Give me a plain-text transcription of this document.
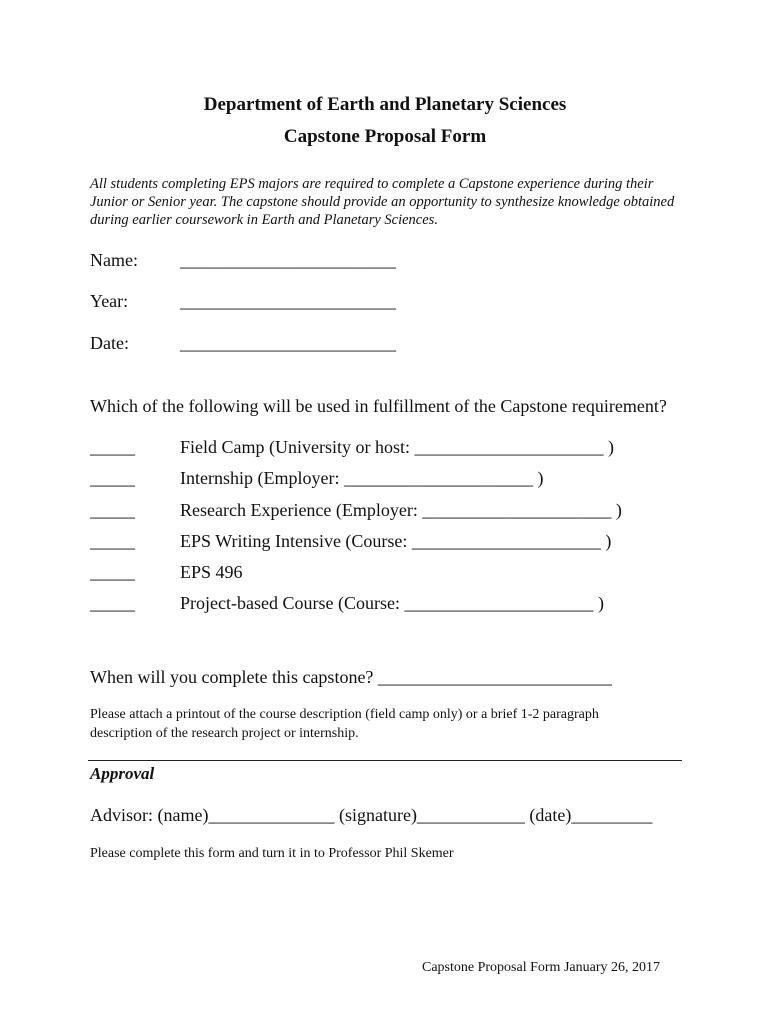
Department of Earth and Planetary Sciences
Capstone Proposal Form
All students completing EPS majors are required to complete a Capstone experience during their Junior or Senior year. The capstone should provide an opportunity to synthesize knowledge obtained during earlier coursework in Earth and Planetary Sciences.
Name: ________________________
Year:	________________________
Date:	________________________
Which of the following will be used in fulfillment of the Capstone requirement?
_____	Field Camp (University or host: _____________________ )
_____	Internship (Employer: _____________________ )
_____	Research Experience (Employer: _____________________ )
_____	EPS Writing Intensive (Course: _____________________ )
_____	EPS 496
_____	Project-based Course (Course: _____________________ )
When will you complete this capstone? __________________________
Please attach a printout of the course description (field camp only) or a brief 1-2 paragraph
description of the research project or internship.
Approval
Advisor: (name)______________ (signature)____________ (date)_________
Please complete this form and turn it in to Professor Phil Skemer
Capstone Proposal Form January 26, 2017
